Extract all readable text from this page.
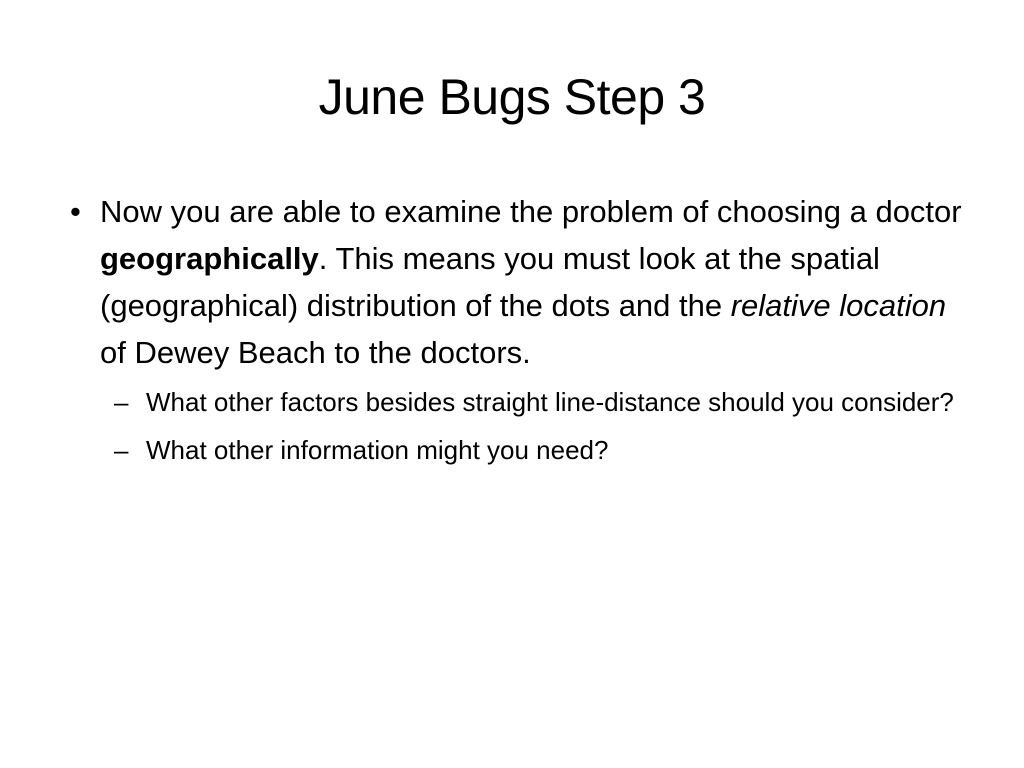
June Bugs Step 3
• Now you are able to examine the problem of choosing a doctor geographically. This means you must look at the spatial (geographical) distribution of the dots and the relative location of Dewey Beach to the doctors.
– What other factors besides straight line-distance should you consider?
– What other information might you need?
